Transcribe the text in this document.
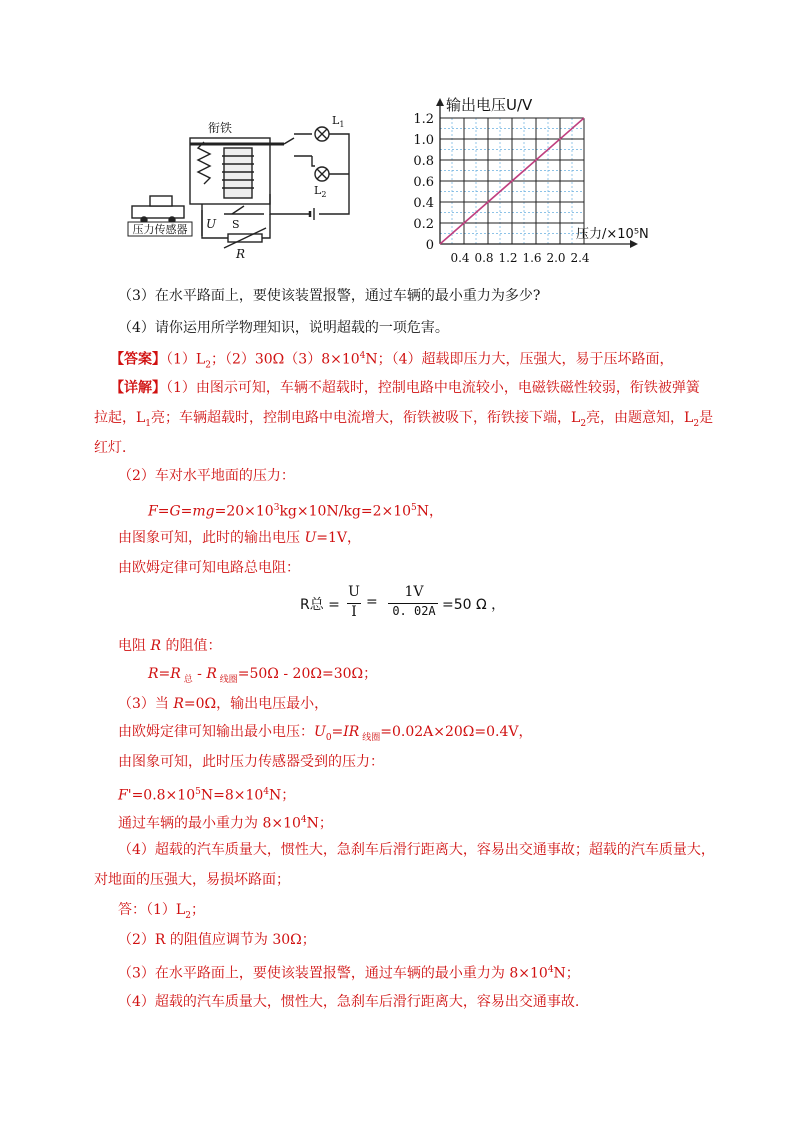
压力传感器
衔铁
$L_1$
$L_2$
S
U
R
0
0.2
0.4
0.6
0.8
1.0
1.2
0.4 0.8 1.2 1.6 2.0 2.4
输出电压U/V
压力/×10⁵N
（3）在水平路面上，要使该装置报警，通过车辆的最小重力为多少?
（4）请你运用所学物理知识，说明超载的一项危害。
【答案】$(1)L_2$；$(2)30\Omega(3)8\times 10^4N$；（4）超载即压力大，压强大，易于压坏路面，
【详解】（1）由图示可知，车辆不超载时，控制电路中电流较小，电磁铁磁性较弱，衔铁被弹簧
拉起，$L_1$亮；车辆超载时，控制电路中电流增大，衔铁被吸下，衔铁接下端，$L_2$亮，由题意知，$L_2$是
红灯．
（2）车对水平地面的压力：
$F=G=mg=20\times 10^3kg\times 10N/kg=2\times 10^5N$，
由图象可知，此时的输出电压 U=1V，
由欧姆定律可知电路总电阻：
R总 =
U
I
=
1V
0. 02A =50 Ω ，
电阻 R 的阻值：
R=R $_总$ - R $_{线圈}$=50Ω - 20Ω=30Ω；
（3）当 R=0Ω，输出电压最小，
由欧姆定律可知输出最小电压：$U_0=IR$ $_{线圈}$=0.02A×20Ω=0.4V，
由图象可知，此时压力传感器受到的压力：
$F'=0.8\times 10^5N=8\times 10^4N$；
通过车辆的最小重力为 $8\times 10^4N$；
（4）超载的汽车质量大，惯性大，急刹车后滑行距离大，容易出交通事故；超载的汽车质量大，
对地面的压强大，易损坏路面；
答：$(1)L_2$；
（2）R 的阻值应调节为 30Ω；
（3）在水平路面上，要使该装置报警，通过车辆的最小重力为 $8\times 10^4N$；
（4）超载的汽车质量大，惯性大，急刹车后滑行距离大，容易出交通事故.
